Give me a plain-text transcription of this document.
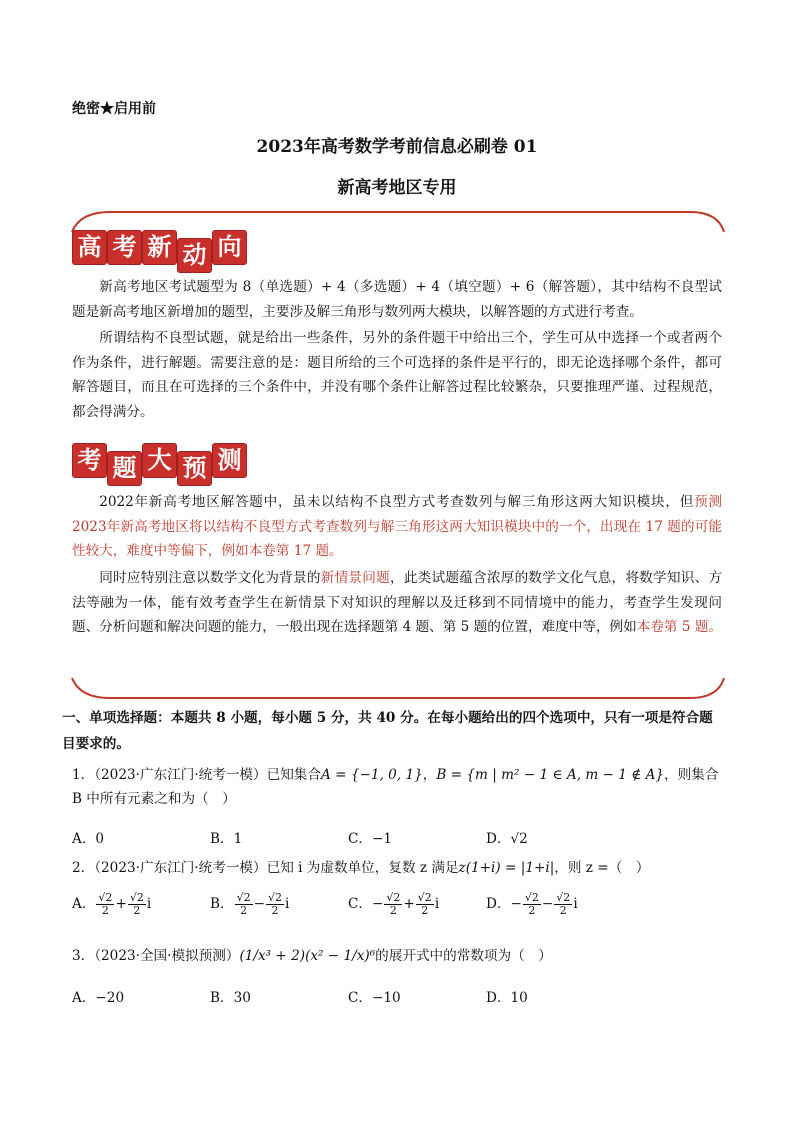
绝密★启用前
2023年高考数学考前信息必刷卷 01
新高考地区专用
高 考 新 动 向
新高考地区考试题型为 8（单选题）+ 4（多选题）+ 4（填空题）+ 6（解答题），其中结构不良型试题是新高考地区新增加的题型，主要涉及解三角形与数列两大模块，以解答题的方式进行考查。
所谓结构不良型试题，就是给出一些条件，另外的条件题干中给出三个，学生可从中选择一个或者两个作为条件，进行解题。需要注意的是：题目所给的三个可选择的条件是平行的，即无论选择哪个条件，都可解答题目，而且在可选择的三个条件中，并没有哪个条件让解答过程比较繁杂，只要推理严谨、过程规范，都会得满分。
考 题 大 预 测
2022年新高考地区解答题中，虽未以结构不良型方式考查数列与解三角形这两大知识模块，但预测 2023年新高考地区将以结构不良型方式考查数列与解三角形这两大知识模块中的一个，出现在 17 题的可能性较大，难度中等偏下，例如本卷第 17 题。
同时应特别注意以数学文化为背景的新情景问题，此类试题蕴含浓厚的数学文化气息，将数学知识、方法等融为一体，能有效考查学生在新情景下对知识的理解以及迁移到不同情境中的能力，考查学生发现问题、分析问题和解决问题的能力，一般出现在选择题第 4 题、第 5 题的位置，难度中等，例如本卷第 5 题。
一、单项选择题：本题共 8 小题，每小题 5 分，共 40 分。在每小题给出的四个选项中，只有一项是符合题目要求的。
1．（2023·广东江门·统考一模）已知集合A = {−1, 0, 1}，B = {m | m² − 1 ∈ A, m − 1 ∉ A}，则集合 B 中所有元素之和为（　）
A．0	B．1	C．−1	D．√2
2．（2023·广东江门·统考一模）已知 i 为虚数单位，复数 z 满足z(1+i) = |1+i|，则 z =（　）
A． $\frac{√2}{2} + \frac{√2}{2}$ i	B． $\frac{√2}{2} - \frac{√2}{2}$ i	C．− $\frac{√2}{2} + \frac{√2}{2}$ i	D．− $\frac{√2}{2} - \frac{√2}{2}$ i
3．（2023·全国·模拟预测）(1/x³ + 2)(x² − 1/x)⁶的展开式中的常数项为（　）
A．−20	B．30	C．−10	D．10
